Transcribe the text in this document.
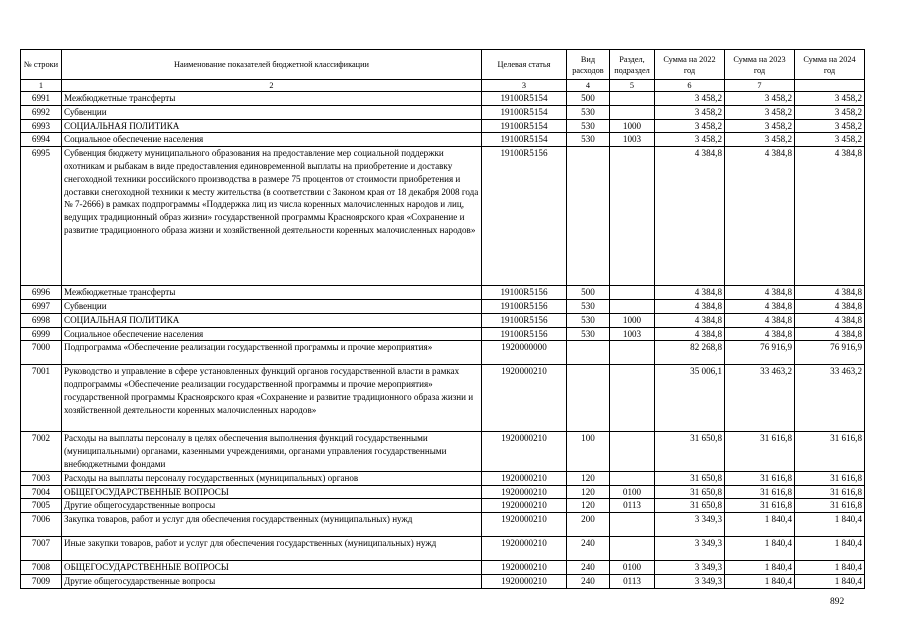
№ строки	Наименование показателей бюджетной классификации	Целевая статья	Вид расходов	Раздел, подраздел	Сумма на 2022 год	Сумма на 2023 год	Сумма на 2024 год
1	2	3	4	5	6	7	
6991	Межбюджетные трансферты	19100R5154	500		3 458,2	3 458,2	3 458,2
6992	Субвенции	19100R5154	530		3 458,2	3 458,2	3 458,2
6993	СОЦИАЛЬНАЯ ПОЛИТИКА	19100R5154	530	1000	3 458,2	3 458,2	3 458,2
6994	Социальное обеспечение населения	19100R5154	530	1003	3 458,2	3 458,2	3 458,2
6995	Субвенция бюджету муниципального образования на предоставление мер социальной поддержки охотникам и рыбакам в виде предоставления единовременной выплаты на приобретение и доставку снегоходной техники российского производства в размере 75 процентов от стоимости приобретения и доставки снегоходной техники к месту жительства (в соответствии с Законом края от 18 декабря 2008 года № 7-2666) в рамках подпрограммы «Поддержка лиц из числа коренных малочисленных народов и лиц, ведущих традиционный образ жизни» государственной программы Красноярского края «Сохранение и развитие традиционного образа жизни и хозяйственной деятельности коренных малочисленных народов»	19100R5156			4 384,8	4 384,8	4 384,8
6996	Межбюджетные трансферты	19100R5156	500		4 384,8	4 384,8	4 384,8
6997	Субвенции	19100R5156	530		4 384,8	4 384,8	4 384,8
6998	СОЦИАЛЬНАЯ ПОЛИТИКА	19100R5156	530	1000	4 384,8	4 384,8	4 384,8
6999	Социальное обеспечение населения	19100R5156	530	1003	4 384,8	4 384,8	4 384,8
7000	Подпрограмма «Обеспечение реализации государственной программы и прочие мероприятия»	1920000000			82 268,8	76 916,9	76 916,9
7001	Руководство и управление в сфере установленных функций органов государственной власти в рамках подпрограммы «Обеспечение реализации государственной программы и прочие мероприятия» государственной программы Красноярского края «Сохранение и развитие традиционного образа жизни и хозяйственной деятельности коренных малочисленных народов»	1920000210			35 006,1	33 463,2	33 463,2
7002	Расходы на выплаты персоналу в целях обеспечения выполнения функций государственными (муниципальными) органами, казенными учреждениями, органами управления государственными внебюджетными фондами	1920000210	100		31 650,8	31 616,8	31 616,8
7003	Расходы на выплаты персоналу государственных (муниципальных) органов	1920000210	120		31 650,8	31 616,8	31 616,8
7004	ОБЩЕГОСУДАРСТВЕННЫЕ ВОПРОСЫ	1920000210	120	0100	31 650,8	31 616,8	31 616,8
7005	Другие общегосударственные вопросы	1920000210	120	0113	31 650,8	31 616,8	31 616,8
7006	Закупка товаров, работ и услуг для обеспечения государственных (муниципальных) нужд	1920000210	200		3 349,3	1 840,4	1 840,4
7007	Иные закупки товаров, работ и услуг для обеспечения государственных (муниципальных) нужд	1920000210	240		3 349,3	1 840,4	1 840,4
7008	ОБЩЕГОСУДАРСТВЕННЫЕ ВОПРОСЫ	1920000210	240	0100	3 349,3	1 840,4	1 840,4
7009	Другие общегосударственные вопросы	1920000210	240	0113	3 349,3	1 840,4	1 840,4
892
